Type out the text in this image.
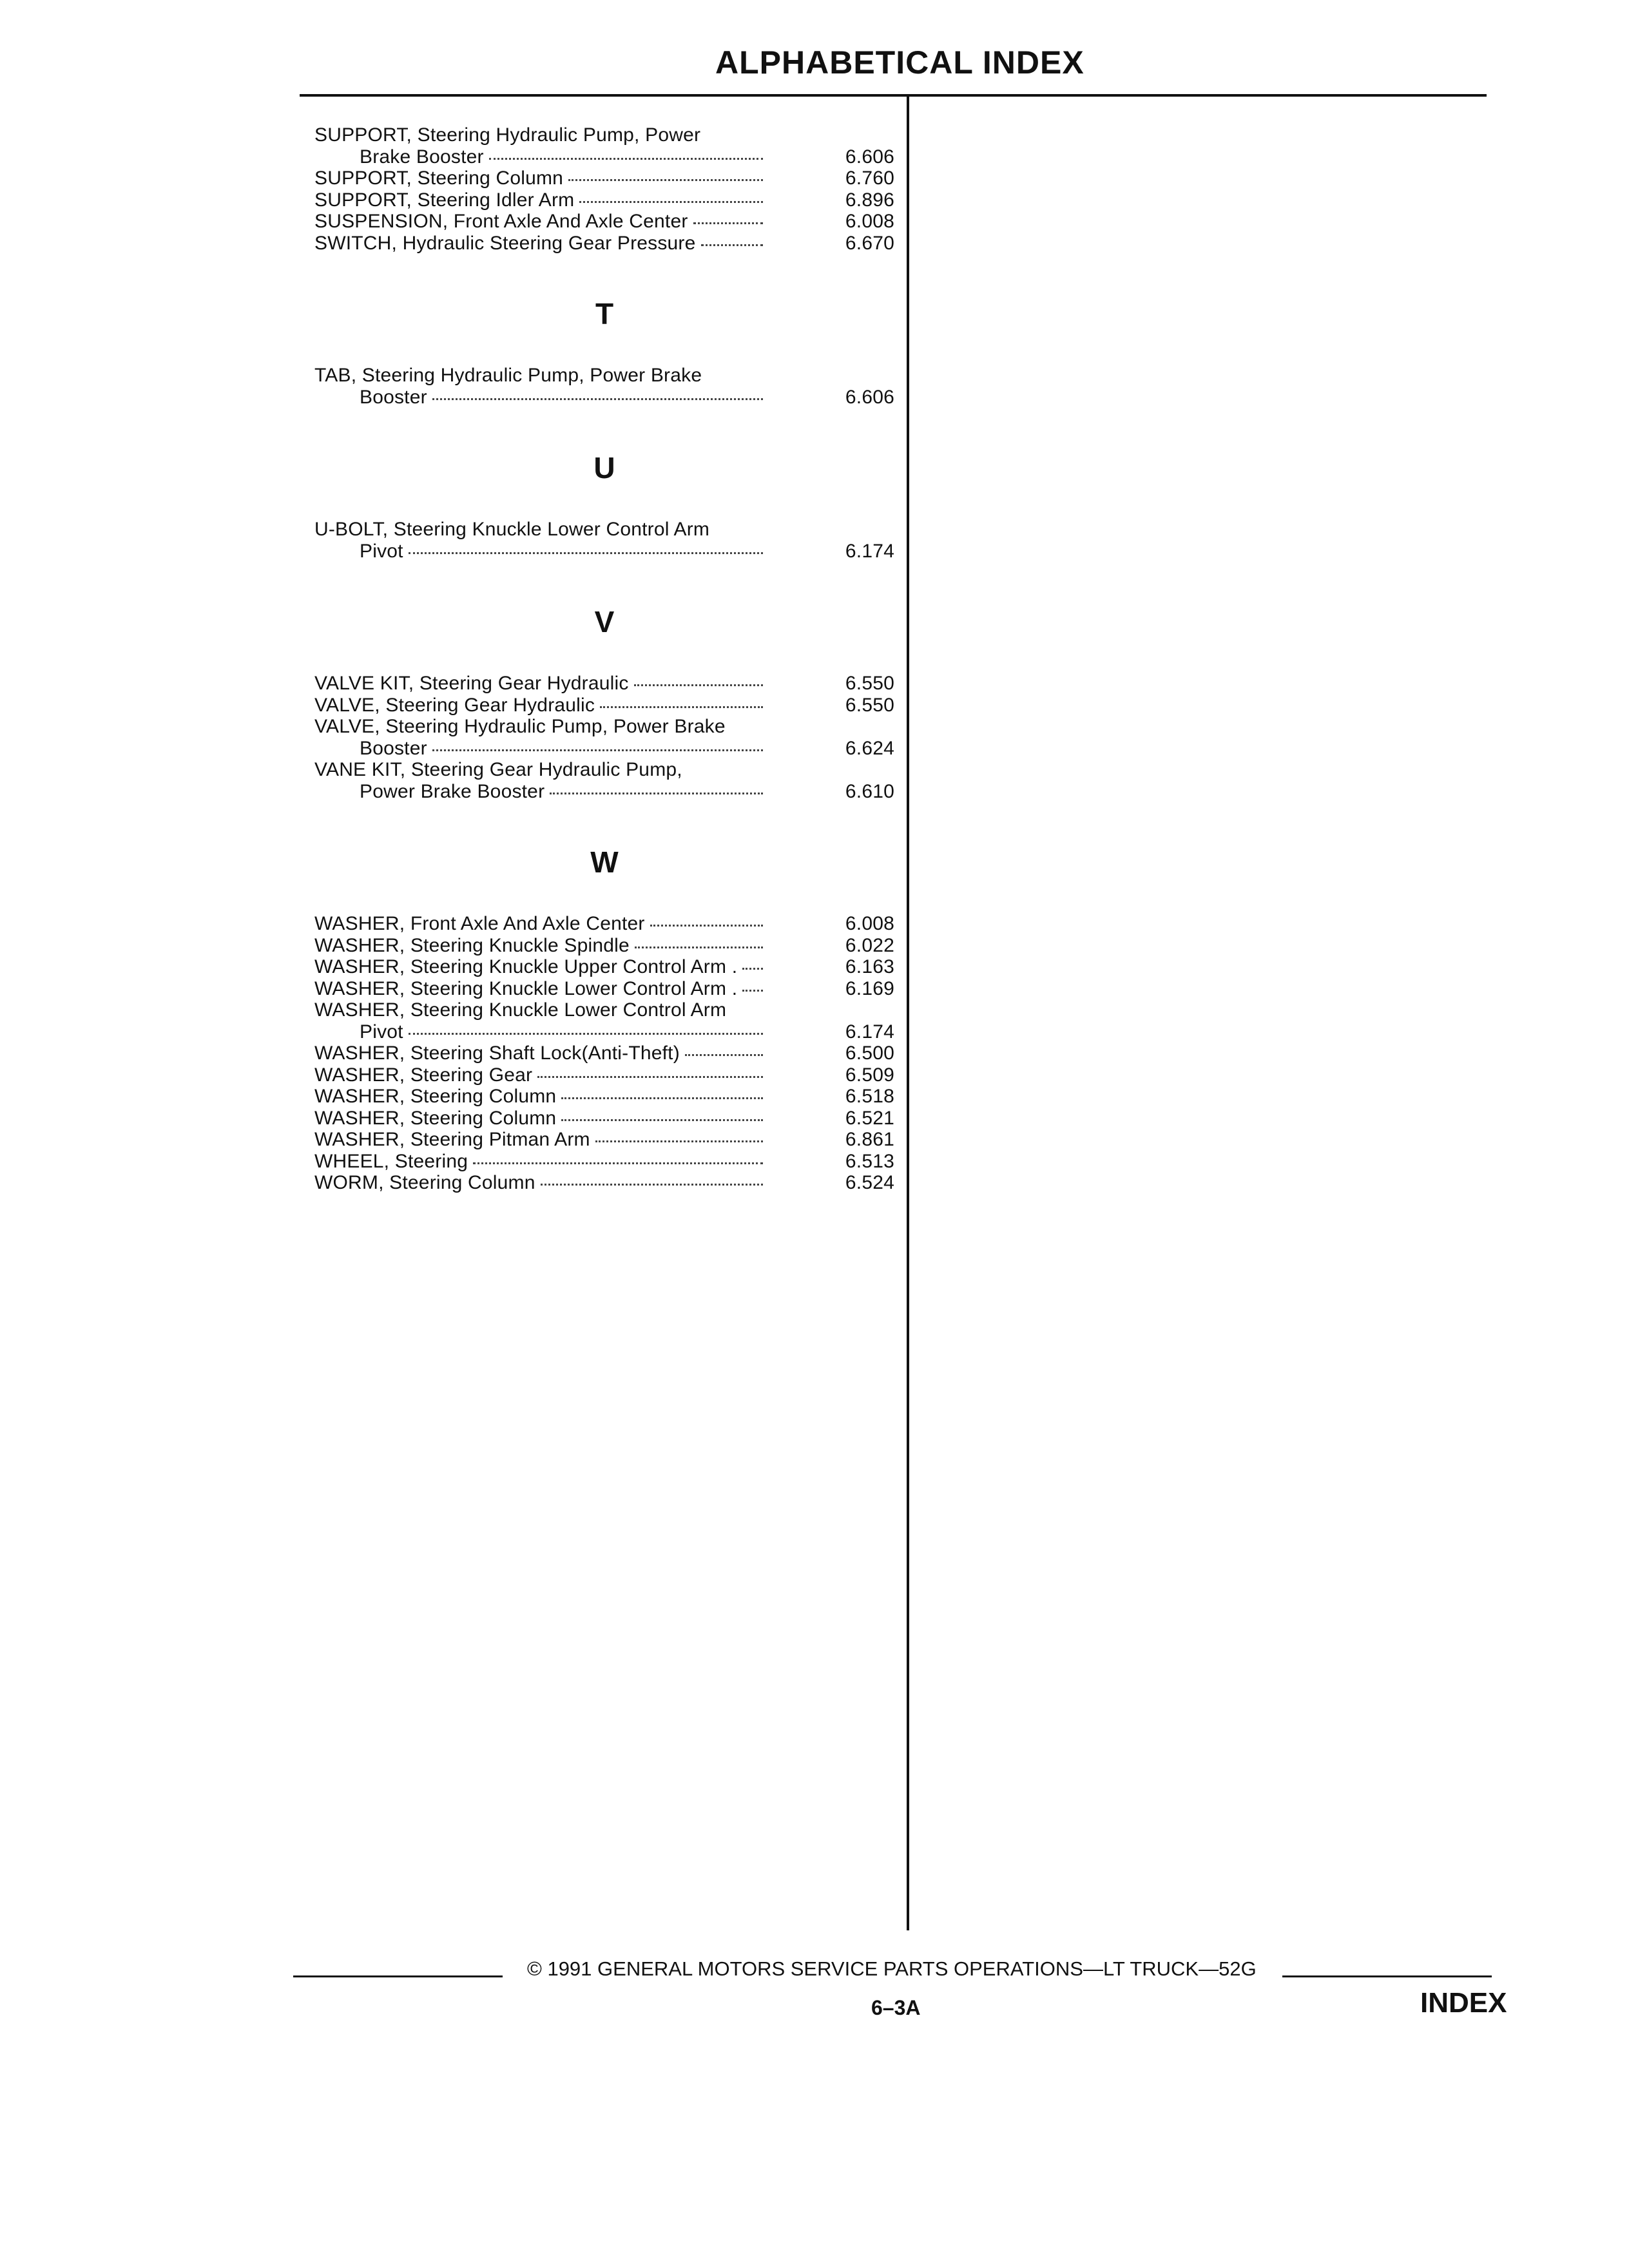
ALPHABETICAL INDEX
SUPPORT, Steering Hydraulic Pump, Power
Brake Booster	6.606
SUPPORT, Steering Column	6.760
SUPPORT, Steering Idler Arm	6.896
SUSPENSION, Front Axle And Axle Center	6.008
SWITCH, Hydraulic Steering Gear Pressure	6.670
T
TAB, Steering Hydraulic Pump, Power Brake
Booster	6.606
U
U-BOLT, Steering Knuckle Lower Control Arm
Pivot	6.174
V
VALVE KIT, Steering Gear Hydraulic	6.550
VALVE, Steering Gear Hydraulic	6.550
VALVE, Steering Hydraulic Pump, Power Brake
Booster	6.624
VANE KIT, Steering Gear Hydraulic Pump,
Power Brake Booster	6.610
W
WASHER, Front Axle And Axle Center	6.008
WASHER, Steering Knuckle Spindle	6.022
WASHER, Steering Knuckle Upper Control Arm .	6.163
WASHER, Steering Knuckle Lower Control Arm .	6.169
WASHER, Steering Knuckle Lower Control Arm
Pivot	6.174
WASHER, Steering Shaft Lock(Anti-Theft)	6.500
WASHER, Steering Gear	6.509
WASHER, Steering Column	6.518
WASHER, Steering Column	6.521
WASHER, Steering Pitman Arm	6.861
WHEEL, Steering	6.513
WORM, Steering Column	6.524
© 1991 GENERAL MOTORS SERVICE PARTS OPERATIONS—LT TRUCK—52G
6–3A	INDEX
